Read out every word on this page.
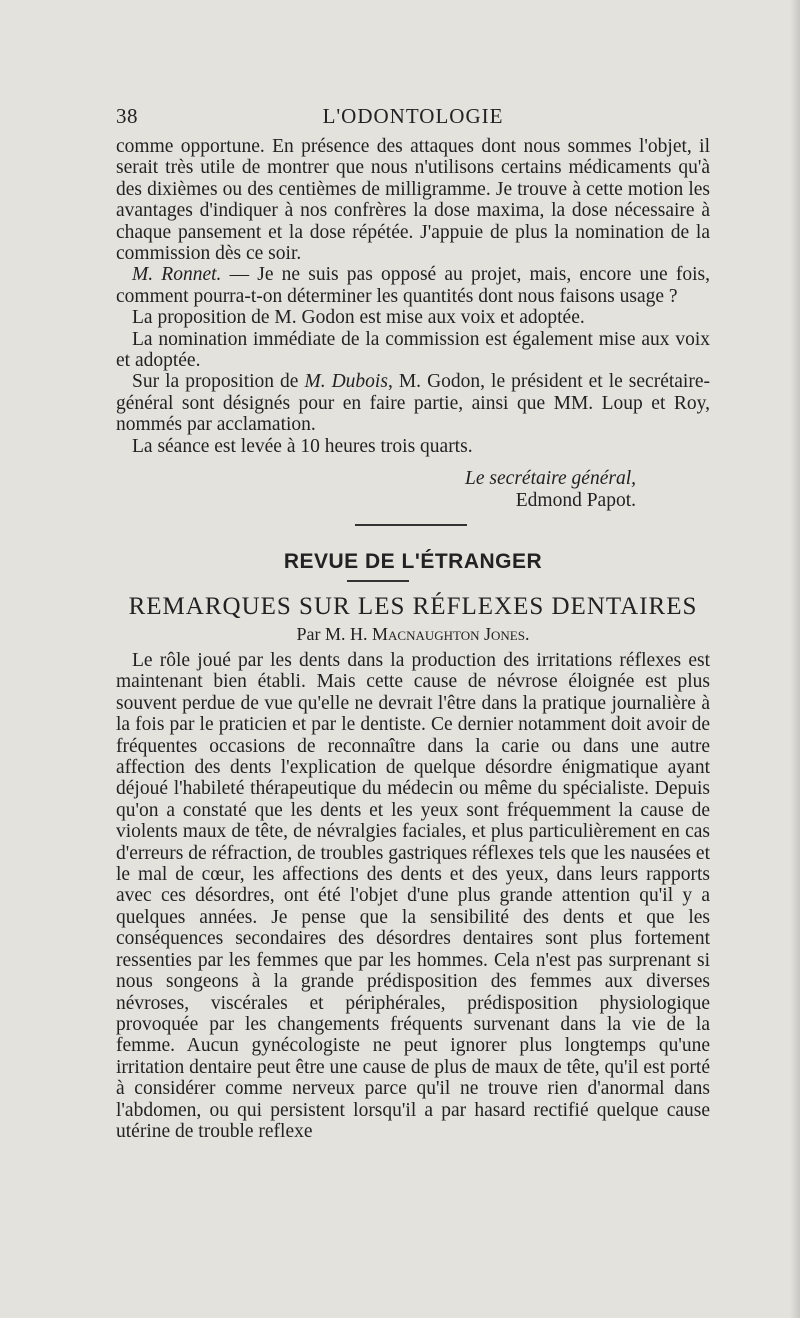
38	L'ODONTOLOGIE

comme opportune. En présence des attaques dont nous sommes l'objet, il serait très utile de montrer que nous n'utilisons certains médicaments qu'à des dixièmes ou des centièmes de milligramme. Je trouve à cette motion les avantages d'indiquer à nos confrères la dose maxima, la dose nécessaire à chaque pansement et la dose répétée. J'appuie de plus la nomination de la commission dès ce soir.

M. Ronnet. — Je ne suis pas opposé au projet, mais, encore une fois, comment pourra-t-on déterminer les quantités dont nous faisons usage ?

La proposition de M. Godon est mise aux voix et adoptée.

La nomination immédiate de la commission est également mise aux voix et adoptée.

Sur la proposition de M. Dubois, M. Godon, le président et le secrétaire-général sont désignés pour en faire partie, ainsi que MM. Loup et Roy, nommés par acclamation.

La séance est levée à 10 heures trois quarts.

Le secrétaire général,
Edmond Papot.
REVUE DE L'ÉTRANGER
REMARQUES SUR LES RÉFLEXES DENTAIRES
Par M. H. Macnaughton Jones.

Le rôle joué par les dents dans la production des irritations réflexes est maintenant bien établi. Mais cette cause de névrose éloignée est plus souvent perdue de vue qu'elle ne devrait l'être dans la pratique journalière à la fois par le praticien et par le dentiste. Ce dernier notamment doit avoir de fréquentes occasions de reconnaître dans la carie ou dans une autre affection des dents l'explication de quelque désordre énigmatique ayant déjoué l'habileté thérapeutique du médecin ou même du spécialiste. Depuis qu'on a constaté que les dents et les yeux sont fréquemment la cause de violents maux de tête, de névralgies faciales, et plus particulièrement en cas d'erreurs de réfraction, de troubles gastriques réflexes tels que les nausées et le mal de cœur, les affections des dents et des yeux, dans leurs rapports avec ces désordres, ont été l'objet d'une plus grande attention qu'il y a quelques années. Je pense que la sensibilité des dents et que les conséquences secondaires des désordres dentaires sont plus fortement ressenties par les femmes que par les hommes. Cela n'est pas surprenant si nous songeons à la grande prédisposition des femmes aux diverses névroses, viscérales et périphérales, prédisposition physiologique provoquée par les changements fréquents survenant dans la vie de la femme. Aucun gynécologiste ne peut ignorer plus longtemps qu'une irritation dentaire peut être une cause de plus de maux de tête, qu'il est porté à considérer comme nerveux parce qu'il ne trouve rien d'anormal dans l'abdomen, ou qui persistent lorsqu'il a par hasard rectifié quelque cause utérine de trouble reflexe
